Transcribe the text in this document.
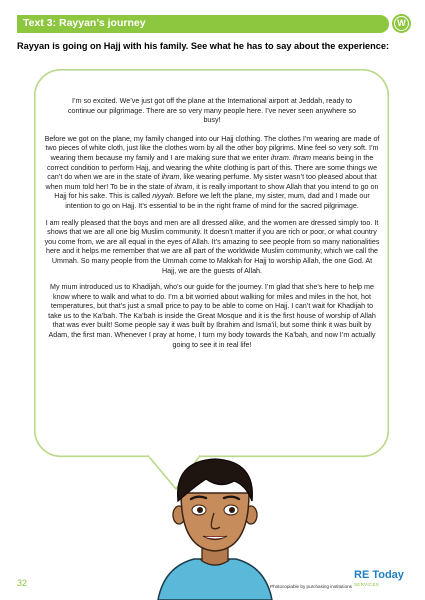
Text 3: Rayyan’s journey	W
Rayyan is going on Hajj with his family. See what he has to say about the experience:

I’m so excited. We’ve just got off the plane at the International airport at Jeddah, ready to continue our pilgrimage. There are so very many people here. I’ve never seen anywhere so busy!

Before we got on the plane, my family changed into our Hajj clothing. The clothes I’m wearing are made of two pieces of white cloth, just like the clothes worn by all the other boy pilgrims. Mine feel so very soft. I’m wearing them because my family and I are making sure that we enter ihram. Ihram means being in the correct condition to perform Hajj, and wearing the white clothing is part of this. There are some things we can’t do when we are in the state of ihram, like wearing perfume. My sister wasn’t too pleased about that when mum told her! To be in the state of ihram, it is really important to show Allah that you intend to go on Hajj for his sake. This is called niyyah. Before we left the plane, my sister, mum, dad and I made our intention to go on Hajj. It’s essential to be in the right frame of mind for the sacred pilgrimage.

I am really pleased that the boys and men are all dressed alike, and the women are dressed simply too. It shows that we are all one big Muslim community. It doesn’t matter if you are rich or poor, or what country you come from, we are all equal in the eyes of Allah. It’s amazing to see people from so many nationalities here and it helps me remember that we are all part of the worldwide Muslim community, which we call the Ummah. So many people from the Ummah come to Makkah for Hajj to worship Allah, the one God. At Hajj, we are the guests of Allah.

My mum introduced us to Khadijah, who’s our guide for the journey. I’m glad that she’s here to help me know where to walk and what to do. I’m a bit worried about walking for miles and miles in the hot, hot temperatures, but that’s just a small price to pay to be able to come on Hajj. I can’t wait for Khadijah to take us to the Ka’bah. The Ka’bah is inside the Great Mosque and it is the first house of worship of Allah that was ever built! Some people say it was built by Ibrahim and Isma’il, but some think it was built by Adam, the first man. Whenever I pray at home, I turn my body towards the Ka’bah, and now I’m actually going to see it in real life!

32	Photocopiable by purchasing institutions
RE Today
SERVICES
